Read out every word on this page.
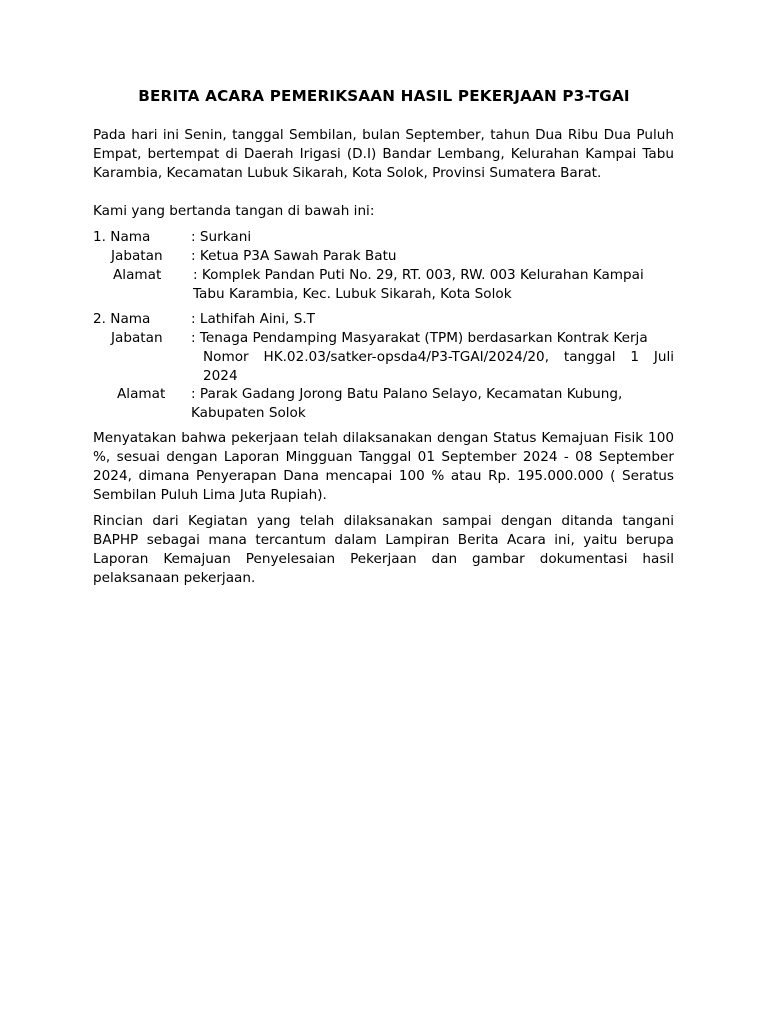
BERITA ACARA PEMERIKSAAN HASIL PEKERJAAN P3-TGAI

Pada hari ini Senin, tanggal Sembilan, bulan September, tahun Dua Ribu Dua Puluh Empat, bertempat di Daerah Irigasi (D.I) Bandar Lembang, Kelurahan Kampai Tabu Karambia, Kecamatan Lubuk Sikarah, Kota Solok, Provinsi Sumatera Barat.

Kami yang bertanda tangan di bawah ini:

1. Nama	: Surkani
Jabatan : Ketua P3A Sawah Parak Batu
Alamat : Komplek Pandan Puti No. 29, RT. 003, RW. 003 Kelurahan Kampai
Tabu Karambia, Kec. Lubuk Sikarah, Kota Solok
2. Nama	: Lathifah Aini, S.T
Jabatan : Tenaga Pendamping Masyarakat (TPM) berdasarkan Kontrak Kerja
Nomor  HK.02.03/satker-opsda4/P3-TGAI/2024/20,  tanggal  1  Juli
2024
Alamat : Parak Gadang Jorong Batu Palano Selayo, Kecamatan Kubung,
Kabupaten Solok

Menyatakan bahwa pekerjaan telah dilaksanakan dengan Status Kemajuan Fisik 100 %, sesuai dengan Laporan Mingguan Tanggal 01 September 2024 - 08 September 2024, dimana Penyerapan Dana mencapai 100 % atau Rp. 195.000.000 ( Seratus Sembilan Puluh Lima Juta Rupiah).

Rincian dari Kegiatan yang telah dilaksanakan sampai dengan ditanda tangani BAPHP sebagai mana tercantum dalam Lampiran Berita Acara ini, yaitu berupa Laporan Kemajuan Penyelesaian Pekerjaan dan gambar dokumentasi hasil pelaksanaan pekerjaan.
